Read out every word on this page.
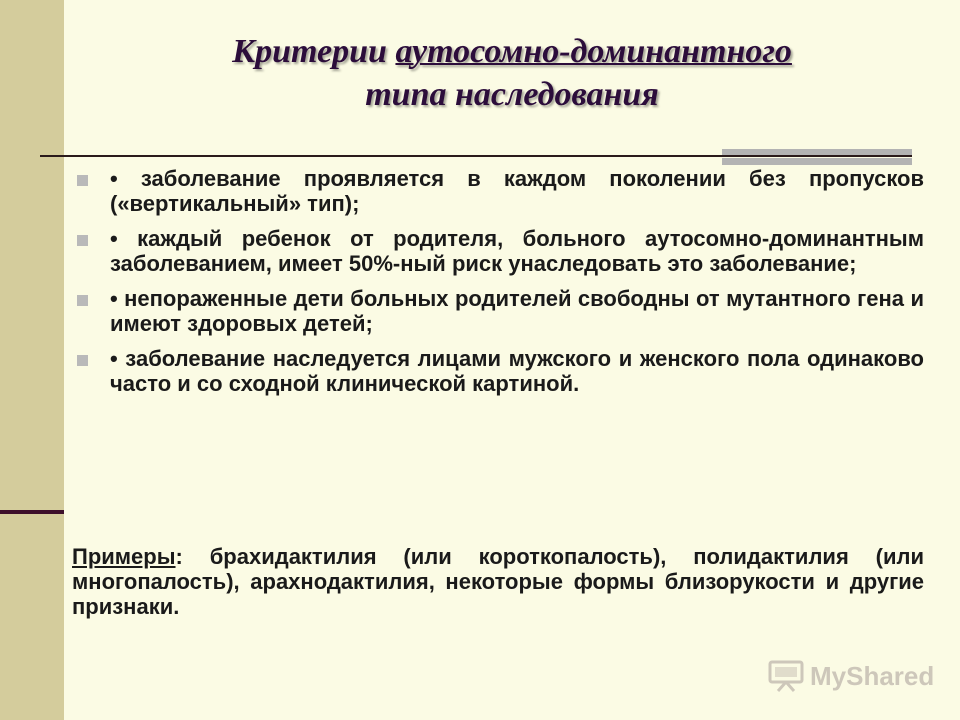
Критерии аутосомно-доминантного
типа наследования
• заболевание проявляется в каждом поколении без пропусков («вертикальный» тип);
• каждый ребенок от родителя, больного аутосомно-доминантным заболеванием, имеет 50%-ный риск унаследовать это заболевание;
• непораженные дети больных родителей свободны от мутантного гена и имеют здоровых детей;
• заболевание наследуется лицами мужского и женского пола одинаково часто и со сходной клинической картиной.

Примеры: брахидактилия (или короткопалость), полидактилия (или многопалость), арахнодактилия, некоторые формы близорукости и другие признаки.

MyShared
